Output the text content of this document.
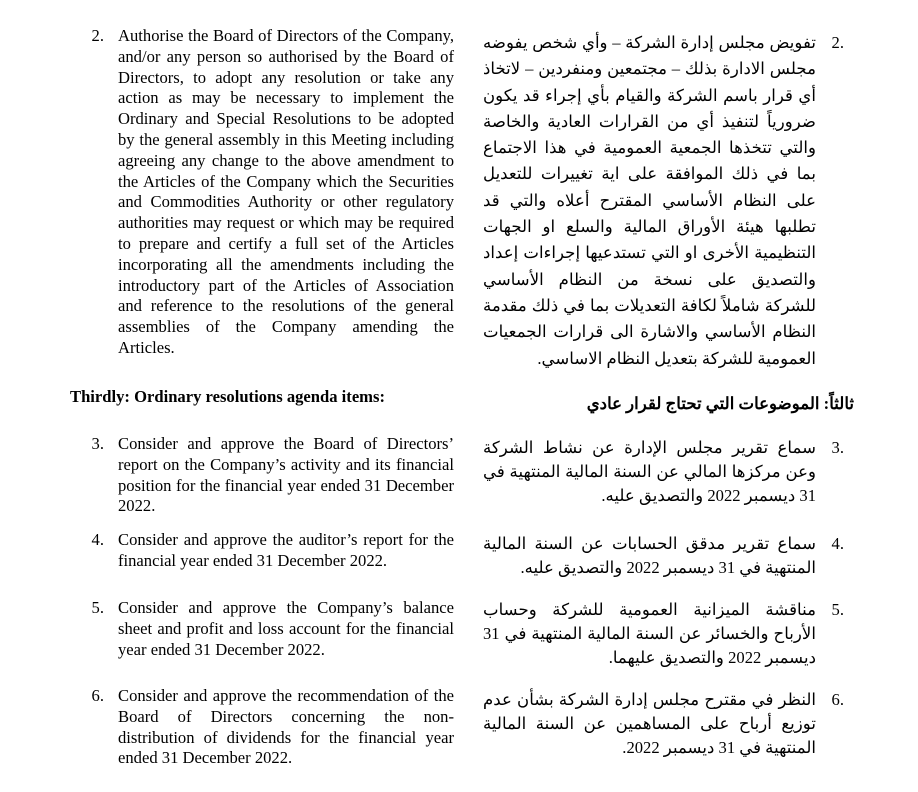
2. Authorise the Board of Directors of the Company, and/or any person so authorised by the Board of Directors, to adopt any resolution or take any action as may be necessary to implement the Ordinary and Special Resolutions to be adopted by the general assembly in this Meeting including agreeing any change to the above amendment to the Articles of the Company which the Securities and Commodities Authority or other regulatory authorities may request or which may be required to prepare and certify a full set of the Articles incorporating all the amendments including the introductory part of the Articles of Association and reference to the resolutions of the general assemblies of the Company amending the Articles.
Thirdly: Ordinary resolutions agenda items:
3. Consider and approve the Board of Directors’ report on the Company’s activity and its financial position for the financial year ended 31 December 2022.
4. Consider and approve the auditor’s report for the financial year ended 31 December 2022.
5. Consider and approve the Company’s balance sheet and profit and loss account for the financial year ended 31 December 2022.
6. Consider and approve the recommendation of the Board of Directors concerning the non-distribution of dividends for the financial year ended 31 December 2022.
.2
تفويض مجلس إدارة الشركة – وأي شخص يفوضه مجلس الادارة بذلك – مجتمعين ومنفردين – لاتخاذ أي قرار باسم الشركة والقيام بأي إجراء قد يكون ضرورياً لتنفيذ أي من القرارات العادية والخاصة والتي تتخذها الجمعية العمومية في هذا الاجتماع بما في ذلك الموافقة على اية تغييرات للتعديل على النظام الأساسي المقترح أعلاه والتي قد تطلبها هيئة الأوراق المالية والسلع او الجهات التنظيمية الأخرى او التي تستدعيها إجراءات إعداد والتصديق على نسخة من النظام الأساسي للشركة شاملاً لكافة التعديلات بما في ذلك مقدمة النظام الأساسي والاشارة الى قرارات الجمعيات العمومية للشركة بتعديل النظام الاساسي.
ثالثاً: الموضوعات التي تحتاج لقرار عادي
.3
سماع تقرير مجلس الإدارة عن نشاط الشركة وعن مركزها المالي عن السنة المالية المنتهية في 31 ديسمبر 2022 والتصديق عليه.
.4
سماع تقرير مدقق الحسابات عن السنة المالية المنتهية في 31 ديسمبر 2022 والتصديق عليه.
.5
مناقشة الميزانية العمومية للشركة وحساب الأرباح والخسائر عن السنة المالية المنتهية في 31 ديسمبر 2022 والتصديق عليهما.
.6
النظر في مقترح مجلس إدارة الشركة بشأن عدم توزيع أرباح على المساهمين عن السنة المالية المنتهية في 31 ديسمبر 2022.
